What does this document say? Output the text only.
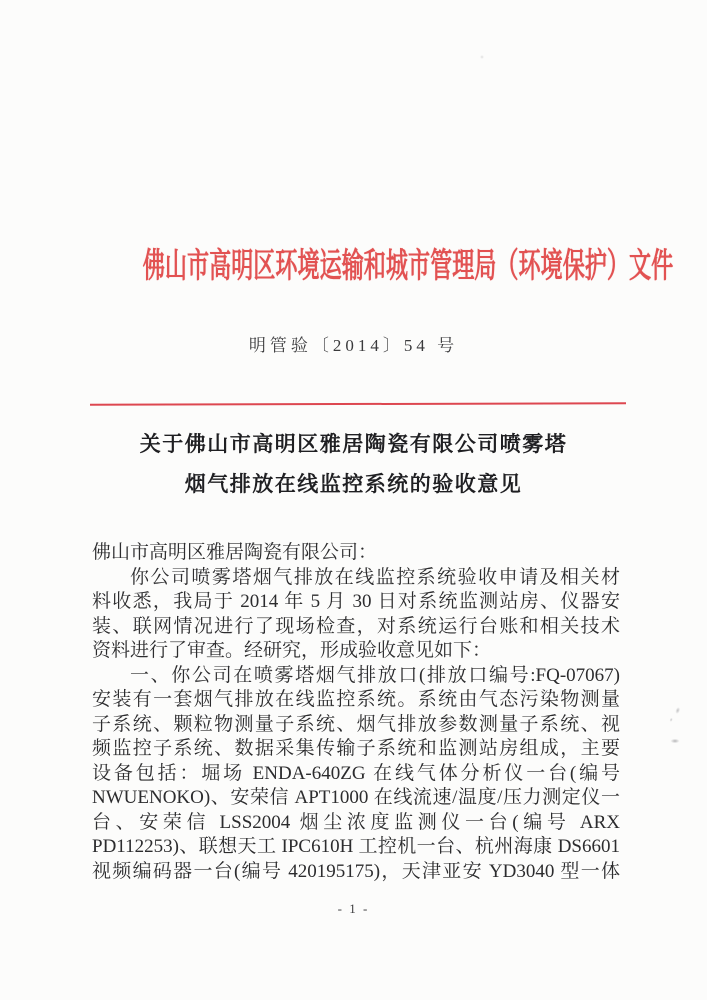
佛山市高明区环境运输和城市管理局（环境保护）文件
明管验〔2014〕54 号
关于佛山市高明区雅居陶瓷有限公司喷雾塔
烟气排放在线监控系统的验收意见
佛山市高明区雅居陶瓷有限公司：
你公司喷雾塔烟气排放在线监控系统验收申请及相关材
料收悉，我局于 2014 年 5 月 30 日对系统监测站房、仪器安
装、联网情况进行了现场检查，对系统运行台账和相关技术
资料进行了审查。经研究，形成验收意见如下：
一、你公司在喷雾塔烟气排放口(排放口编号:FQ-07067)
安装有一套烟气排放在线监控系统。系统由气态污染物测量
子系统、颗粒物测量子系统、烟气排放参数测量子系统、视
频监控子系统、数据采集传输子系统和监测站房组成，主要
设备包括：堀场 ENDA-640ZG 在线气体分析仪一台(编号
NWUENOKO)、安荣信 APT1000 在线流速/温度/压力测定仪一
台、安荣信 LSS2004 烟尘浓度监测仪一台(编号 ARX
PD112253)、联想天工 IPC610H 工控机一台、杭州海康 DS6601
视频编码器一台(编号 420195175)，天津亚安 YD3040 型一体
- 1 -
